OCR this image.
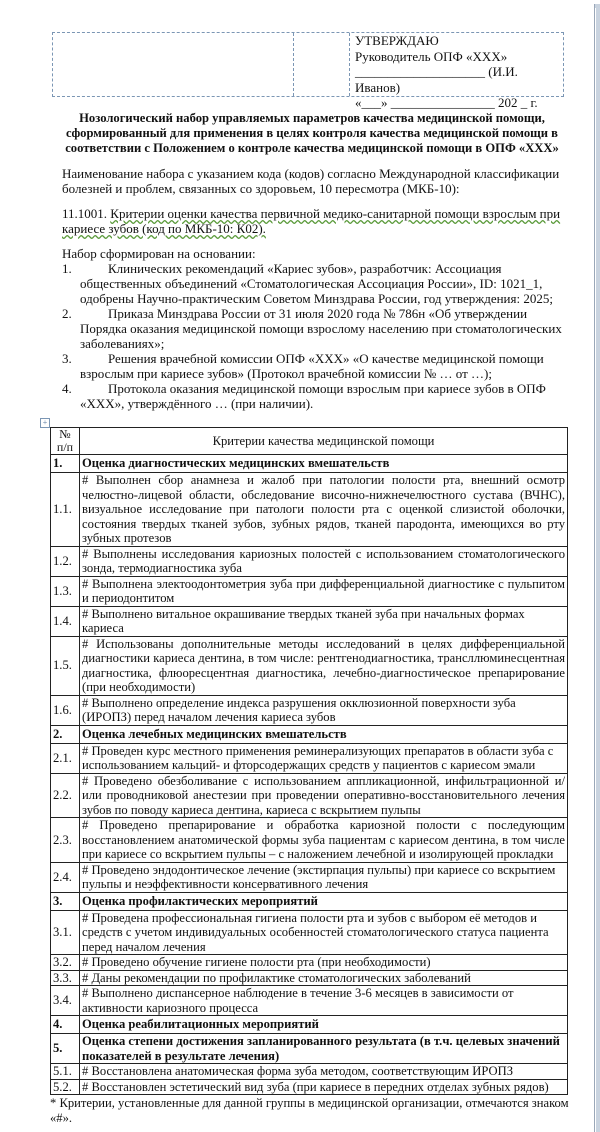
УТВЕРЖДАЮ
Руководитель ОПФ «ХХХ»
____________________ (И.И. Иванов)
«___» ________________ 202 _ г.
Нозологический набор управляемых параметров качества медицинской помощи, сформированный для применения в целях контроля качества медицинской помощи в соответствии с Положением о контроле качества медицинской помощи в ОПФ «ХХХ»
Наименование набора с указанием кода (кодов) согласно Международной классификации болезней и проблем, связанных со здоровьем, 10 пересмотра (МКБ-10):
11.1001. Критерии оценки качества первичной медико-санитарной помощи взрослым при кариесе зубов (код по МКБ-10: К02).
Набор сформирован на основании:
1.	Клинических рекомендаций «Кариес зубов», разработчик: Ассоциация общественных объединений «Стоматологическая Ассоциация России», ID: 1021_1, одобрены Научно-практическим Советом Минздрава России, год утверждения: 2025;
2.	Приказа Минздрава России от 31 июля 2020 года № 786н «Об утверждении Порядка оказания медицинской помощи взрослому населению при стоматологических заболеваниях»;
3.	Решения врачебной комиссии ОПФ «ХХХ» «О качестве медицинской помощи взрослым при кариесе зубов» (Протокол врачебной комиссии № … от …);
4.	Протокола оказания медицинской помощи взрослым при кариесе зубов в ОПФ «ХХХ», утверждённого … (при наличии).
+
№ п/п	Критерии качества медицинской помощи
1.	Оценка диагностических медицинских вмешательств
1.1.	# Выполнен сбор анамнеза и жалоб при патологии полости рта, внешний осмотр челюстно-лицевой области, обследование височно-нижнечелюстного сустава (ВЧНС), визуальное исследование при патологи полости рта с оценкой слизистой оболочки, состояния твердых тканей зубов, зубных рядов, тканей пародонта, имеющихся во рту зубных протезов
1.2.	# Выполнены исследования кариозных полостей с использованием стоматологического зонда, термодиагностика зуба
1.3.	# Выполнена электоодонтометрия зуба при дифференциальной диагностике с пульпитом и периодонтитом
1.4.	# Выполнено витальное окрашивание твердых тканей зуба при начальных формах кариеса
1.5.	# Использованы дополнительные методы исследований в целях дифференциальной диагностики кариеса дентина, в том числе: рентгенодиагностика, трансллюминесцентная диагностика, флюоресцентная диагностика, лечебно-диагностическое препарирование (при необходимости)
1.6.	# Выполнено определение индекса разрушения окклюзионной поверхности зуба (ИРОПЗ) перед началом лечения кариеса зубов
2.	Оценка лечебных медицинских вмешательств
2.1.	# Проведен курс местного применения реминерализующих препаратов в области зуба с использованием кальций- и фторсодержащих средств у пациентов с кариесом эмали
2.2.	# Проведено обезболивание с использованием аппликационной, инфильтрационной и/или проводниковой анестезии при проведении оперативно-восстановительного лечения зубов по поводу кариеса дентина, кариеса с вскрытием пульпы
2.3.	# Проведено препарирование и обработка кариозной полости с последующим восстановлением анатомической формы зуба пациентам с кариесом дентина, в том числе при кариесе со вскрытием пульпы – с наложением лечебной и изолирующей прокладки
2.4.	# Проведено эндодонтическое лечение (экстирпация пульпы) при кариесе со вскрытием пульпы и неэффективности консервативного лечения
3.	Оценка профилактических мероприятий
3.1.	# Проведена профессиональная гигиена полости рта и зубов с выбором её методов и средств с учетом индивидуальных особенностей стоматологического статуса пациента перед началом лечения
3.2.	# Проведено обучение гигиене полости рта (при необходимости)
3.3.	# Даны рекомендации по профилактике стоматологических заболеваний
3.4.	# Выполнено диспансерное наблюдение в течение 3-6 месяцев в зависимости от активности кариозного процесса
4.	Оценка реабилитационных мероприятий
5.	Оценка степени достижения запланированного результата (в т.ч. целевых значений показателей в результате лечения)
5.1.	# Восстановлена анатомическая форма зуба методом, соответствующим ИРОПЗ
5.2.	# Восстановлен эстетический вид зуба (при кариесе в передних отделах зубных рядов)
* Критерии, установленные для данной группы в медицинской организации, отмечаются знаком «#».
